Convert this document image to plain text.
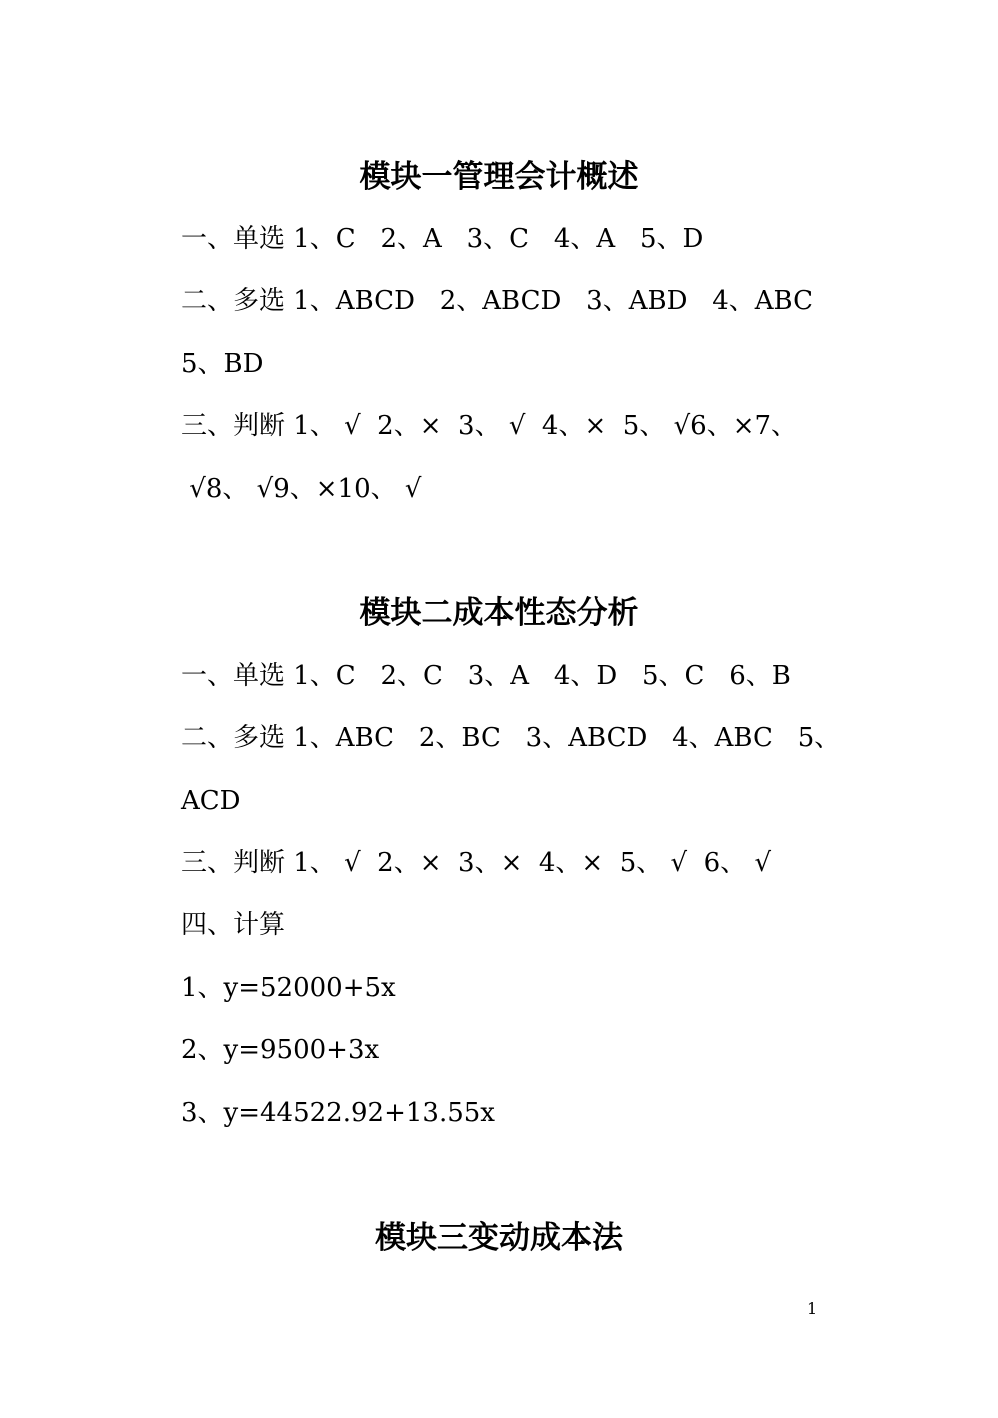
模块一管理会计概述
一、单选 1、C   2、A   3、C   4、A   5、D
二、多选 1、ABCD   2、ABCD   3、ABD   4、ABC
5、BD
三、判断 1、 √  2、×  3、 √  4、×  5、 √6、×7、
√8、 √9、×10、 √
模块二成本性态分析
一、单选 1、C   2、C   3、A   4、D   5、C   6、B
二、多选 1、ABC   2、BC   3、ABCD   4、ABC   5、
ACD
三、判断 1、 √  2、×  3、×  4、×  5、 √  6、 √
四、计算
1、y=52000+5x
2、y=9500+3x
3、y=44522.92+13.55x
模块三变动成本法
1
